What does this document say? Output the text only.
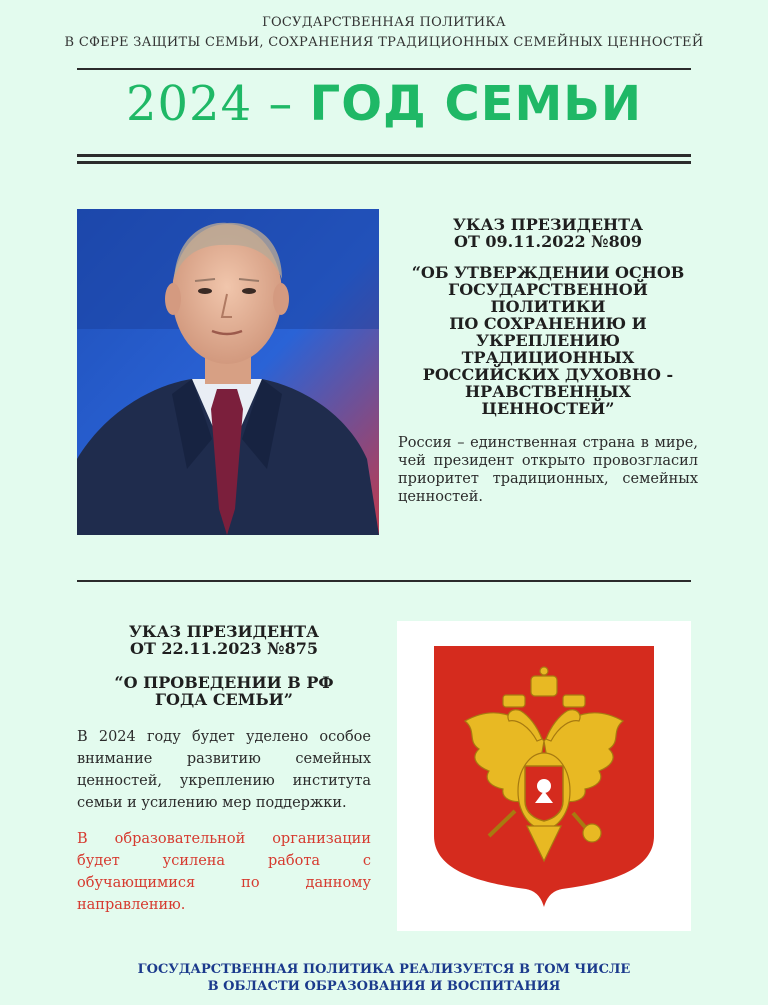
ГОСУДАРСТВЕННАЯ ПОЛИТИКА
В СФЕРЕ ЗАЩИТЫ СЕМЬИ, СОХРАНЕНИЯ ТРАДИЦИОННЫХ СЕМЕЙНЫХ ЦЕННОСТЕЙ
2024 – ГОД СЕМЬИ

УКАЗ ПРЕЗИДЕНТА

ОТ 09.11.2022 №809

“ОБ УТВЕРЖДЕНИИ ОСНОВ

ГОСУДАРСТВЕННОЙ

ПОЛИТИКИ

ПО СОХРАНЕНИЮ И

УКРЕПЛЕНИЮ

ТРАДИЦИОННЫХ

РОССИЙСКИХ ДУХОВНО -

НРАВСТВЕННЫХ

ЦЕННОСТЕЙ”

Россия – единственная страна в мире, чей президент открыто провозгласил приоритет традиционных, семейных ценностей.

УКАЗ ПРЕЗИДЕНТА

ОТ 22.11.2023 №875

“О ПРОВЕДЕНИИ В РФ

ГОДА СЕМЬИ”

В 2024 году будет уделено особое внимание развитию семейных ценностей, укреплению института семьи и усилению мер поддержки.

В образовательной организации будет усилена работа с обучающимися по данному направлению.

ГОСУДАРСТВЕННАЯ ПОЛИТИКА РЕАЛИЗУЕТСЯ В ТОМ ЧИСЛЕ
В ОБЛАСТИ ОБРАЗОВАНИЯ И ВОСПИТАНИЯ
